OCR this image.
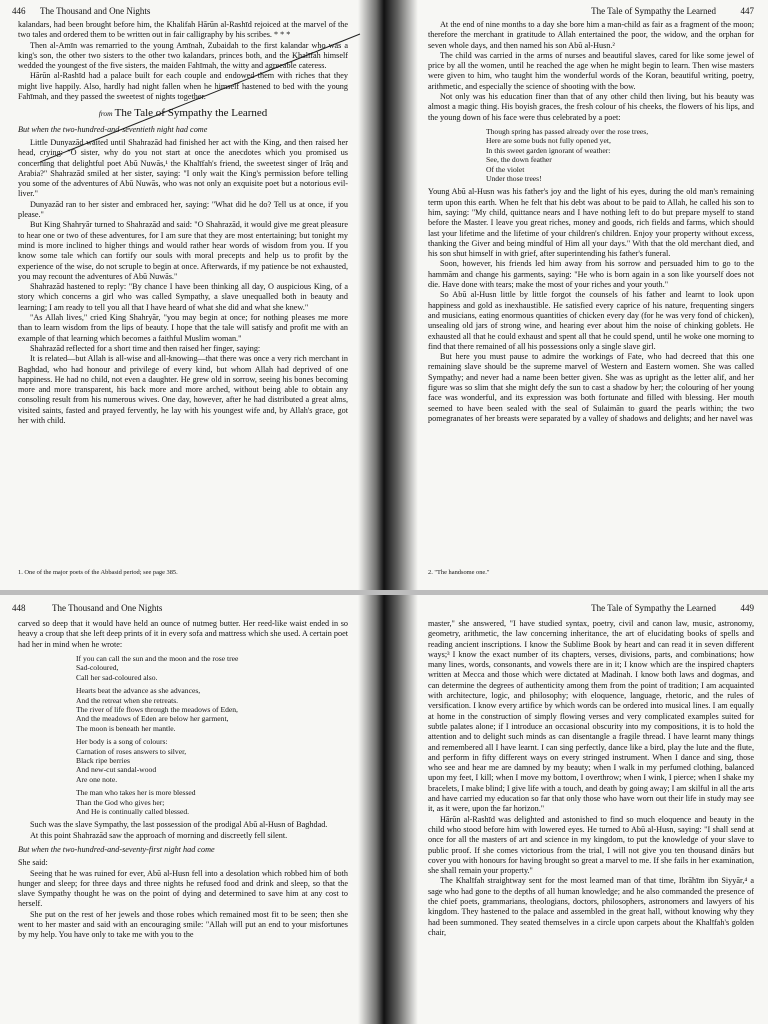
446 The Thousand and One Nights

kalandars, had been brought before him, the Khalifah Hārūn al-Rashīd rejoiced at the marvel of the two tales and ordered them to be written out in fair calligraphy by his scribes. * * *

Then al-Amīn was remarried to the young Amīnah, Zubaidah to the first kalandar who was a king's son, the other two sisters to the other two kalandars, princes both, and the Khalīfah himself wedded the youngest of the five sisters, the maiden Fahīmah, the witty and agreeable cateress.

Hārūn al-Rashīd had a palace built for each couple and endowed them with riches that they might live happily. Also, hardly had night fallen when he himself hastened to bed with the young Fahīmah, and they passed the sweetest of nights together.

from The Tale of Sympathy the Learned
But when the two-hundred-and-seventieth night had come

Little Dunyazād waited until Shahrazād had finished her act with the King, and then raised her head, crying: "O sister, why do you not start at once the anecdotes which you promised us concerning that delightful poet Abū Nuwās,¹ the Khalīfah's friend, the sweetest singer of Irāq and Arabia?" Shahrazād smiled at her sister, saying: "I only wait the King's permission before telling you some of the adventures of Abū Nuwās, who was not only an exquisite poet but a notorious evil-liver."

Dunyazād ran to her sister and embraced her, saying: "What did he do? Tell us at once, if you please."

But King Shahryār turned to Shahrazād and said: "O Shahrazād, it would give me great pleasure to hear one or two of these adventures, for I am sure that they are most entertaining; but tonight my mind is more inclined to higher things and would rather hear words of wisdom from you. If you know some tale which can fortify our souls with moral precepts and help us to profit by the experience of the wise, do not scruple to begin at once. Afterwards, if my patience be not exhausted, you may recount the adventures of Abū Nuwās."

Shahrazād hastened to reply: "By chance I have been thinking all day, O auspicious King, of a story which concerns a girl who was called Sympathy, a slave unequalled both in beauty and learning; I am ready to tell you all that I have heard of what she did and what she knew."

"As Allah lives," cried King Shahryār, "you may begin at once; for nothing pleases me more than to learn wisdom from the lips of beauty. I hope that the tale will satisfy and profit me with an example of that learning which becomes a faithful Muslim woman."

Shahrazād reflected for a short time and then raised her finger, saying:

It is related—but Allah is all-wise and all-knowing—that there was once a very rich merchant in Baghdad, who had honour and privilege of every kind, but whom Allah had deprived of one happiness. He had no child, not even a daughter. He grew old in sorrow, seeing his bones becoming more and more transparent, his back more and more arched, without being able to obtain any consoling result from his numerous wives. One day, however, after he had distributed a great alms, visited saints, fasted and prayed fervently, he lay with his youngest wife and, by Allah's grace, got her with child.

1. One of the major poets of the Abbasid period; see page 385.
The Tale of Sympathy the Learned	447

At the end of nine months to a day she bore him a man-child as fair as a fragment of the moon; therefore the merchant in gratitude to Allah entertained the poor, the widow, and the orphan for seven whole days, and then named his son Abū al-Husn.²

The child was carried in the arms of nurses and beautiful slaves, cared for like some jewel of price by all the women, until he reached the age when he might begin to learn. Then wise masters were given to him, who taught him the wonderful words of the Koran, beautiful writing, poetry, arithmetic, and especially the science of shooting with the bow.

Not only was his education finer than that of any other child then living, but his beauty was almost a magic thing. His boyish graces, the fresh colour of his cheeks, the flowers of his lips, and the young down of his face were thus celebrated by a poet:

Though spring has passed already over the rose trees,
Here are some buds not fully opened yet,
In this sweet garden ignorant of weather:
See, the down feather
Of the violet
Under those trees!

Young Abū al-Husn was his father's joy and the light of his eyes, during the old man's remaining term upon this earth. When he felt that his debt was about to be paid to Allah, he called his son to him, saying: "My child, quittance nears and I have nothing left to do but prepare myself to stand before the Master. I leave you great riches, money and goods, rich fields and farms, which should last your lifetime and the lifetime of your children's children. Enjoy your property without excess, thanking the Giver and being mindful of Him all your days." With that the old merchant died, and his son shut himself in with grief, after superintending his father's funeral.

Soon, however, his friends led him away from his sorrow and persuaded him to go to the hammām and change his garments, saying: "He who is born again in a son like yourself does not die. Have done with tears; make the most of your riches and your youth."

So Abū al-Husn little by little forgot the counsels of his father and learnt to look upon happiness and gold as inexhaustible. He satisfied every caprice of his nature, frequenting singers and musicians, eating enormous quantities of chicken every day (for he was very fond of chicken), unsealing old jars of strong wine, and hearing ever about him the noise of chinking goblets. He exhausted all that he could exhaust and spent all that he could spend, until he woke one morning to find that there remained of all his possessions only a single slave girl.

But here you must pause to admire the workings of Fate, who had decreed that this one remaining slave should be the supreme marvel of Western and Eastern women. She was called Sympathy; and never had a name been better given. She was as upright as the letter alif, and her figure was so slim that she might defy the sun to cast a shadow by her; the colouring of her young face was wonderful, and its expression was both fortunate and filled with blessing. Her mouth seemed to have been sealed with the seal of Sulaimān to guard the pearls within; the two pomegranates of her breasts were separated by a valley of shadows and delights; and her navel was

2. "The handsome one."
448	The Thousand and One Nights

carved so deep that it would have held an ounce of nutmeg butter. Her reed-like waist ended in so heavy a croup that she left deep prints of it in every sofa and mattress which she used. A certain poet had her in mind when he wrote:

If you can call the sun and the moon and the rose tree
Sad-coloured,
Call her sad-coloured also.
Hearts beat the advance as she advances,
And the retreat when she retreats.
The river of life flows through the meadows of Eden,
And the meadows of Eden are below her garment,
The moon is beneath her mantle.
Her body is a song of colours:
Carnation of roses answers to silver,
Black ripe berries
And new-cut sandal-wood
Are one note.
The man who takes her is more blessed
Than the God who gives her;
And He is continually called blessed.

Such was the slave Sympathy, the last possession of the prodigal Abū al-Husn of Baghdad.

At this point Shahrazād saw the approach of morning and discreetly fell silent.

But when the two-hundred-and-seventy-first night had come

She said:

Seeing that he was ruined for ever, Abū al-Husn fell into a desolation which robbed him of both hunger and sleep; for three days and three nights he refused food and drink and sleep, so that the slave Sympathy thought he was on the point of dying and determined to save him at any cost to herself.

She put on the rest of her jewels and those robes which remained most fit to be seen; then she went to her master and said with an encouraging smile: "Allah will put an end to your misfortunes by my help. You have only to take me with you to the

The Tale of Sympathy the Learned	449

master," she answered, "I have studied syntax, poetry, civil and canon law, music, astronomy, geometry, arithmetic, the law concerning inheritance, the art of elucidating books of spells and reading ancient inscriptions. I know the Sublime Book by heart and can read it in seven different ways;³ I know the exact number of its chapters, verses, divisions, parts, and combinations; how many lines, words, consonants, and vowels there are in it; I know which are the inspired chapters written at Mecca and those which were dictated at Madinah. I know both laws and dogmas, and can determine the degrees of authenticity among them from the point of tradition; I am acquainted with architecture, logic, and philosophy; with eloquence, language, rhetoric, and the rules of versification. I know every artifice by which words can be ordered into musical lines. I am equally at home in the construction of simply flowing verses and very complicated examples suited for subtle palates alone; if I introduce an occasional obscurity into my compositions, it is to hold the attention and to delight such minds as can disentangle a fragile thread. I have learnt many things and remembered all I have learnt. I can sing perfectly, dance like a bird, play the lute and the flute, and perform in fifty different ways on every stringed instrument. When I dance and sing, those who see and hear me are damned by my beauty; when I walk in my perfumed clothing, balanced upon my feet, I kill; when I move my bottom, I overthrow; when I wink, I pierce; when I shake my bracelets, I make blind; I give life with a touch, and death by going away; I am skilful in all the arts and have carried my education so far that only those who have worn out their life in study may see it, as it were, upon the far horizon."

Hārūn al-Rashīd was delighted and astonished to find so much eloquence and beauty in the child who stood before him with lowered eyes. He turned to Abū al-Husn, saying: "I shall send at once for all the masters of art and science in my kingdom, to put the knowledge of your slave to public proof. If she comes victorious from the trial, I will not give you ten thousand dinārs but cover you with honours for having brought so great a marvel to me. If she fails in her examination, she shall remain your property."

The Khalīfah straightway sent for the most learned man of that time, Ibrāhīm ibn Siyyār,⁴ a sage who had gone to the depths of all human knowledge; and he also commanded the presence of the chief poets, grammarians, theologians, doctors, philosophers, astronomers and lawyers of his kingdom. They hastened to the palace and assembled in the great hall, without knowing why they had been summoned. They seated themselves in a circle upon carpets about the Khalīfah's golden chair,
